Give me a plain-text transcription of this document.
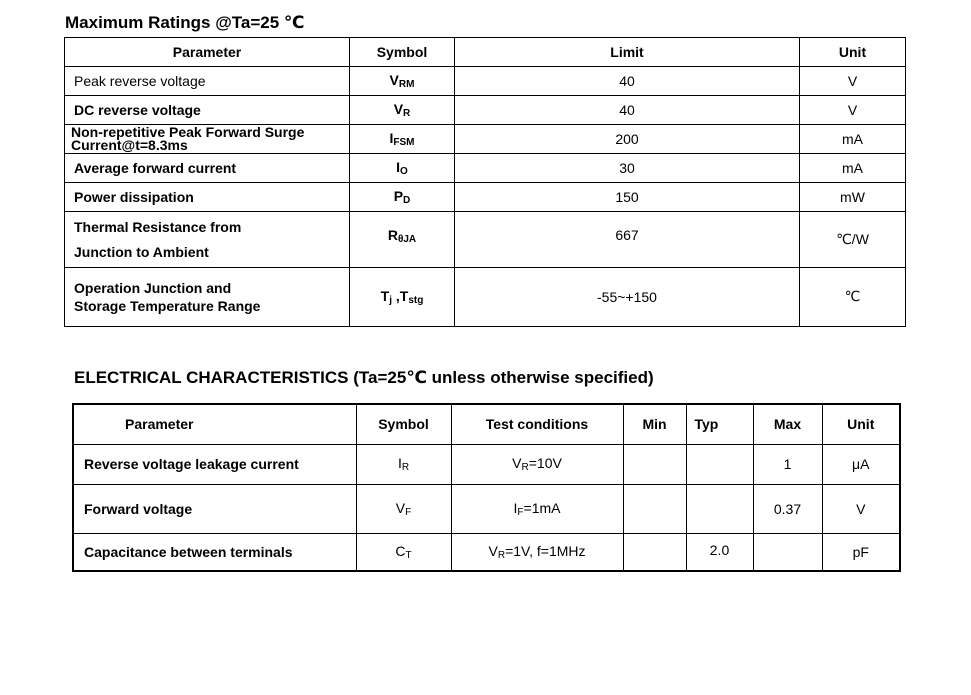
Maximum Ratings @Ta=25 ℃
Parameter	Symbol	Limit	Unit
Peak reverse voltage	$V_{RM}$	40	V
DC reverse voltage	$V_R$	40	V

Non-repetitive Peak Forward Surge
Current@t=8.3ms	$I_{FSM}$	200	mA
Average forward current	$I_O$	30	mA
Power dissipation	$P_D$	150	mW

Thermal Resistance from
Junction to Ambient	$R_{\theta JA}$	667	℃/W

Operation Junction and
Storage Temperature Range	$T_j$ $,T_{stg}$	-55~+150	℃
ELECTRICAL CHARACTERISTICS (Ta=25℃ unless otherwise specified)
Parameter	Symbol	Test conditions	Min	Typ	Max	Unit
Reverse voltage leakage current	$I_R$	$V_R=10V$			1	μA
Forward voltage	$V_F$	$I_F=1mA$			0.37	V
Capacitance between terminals	$C_T$	$V_R=1V$, f=1MHz		2.0		pF
